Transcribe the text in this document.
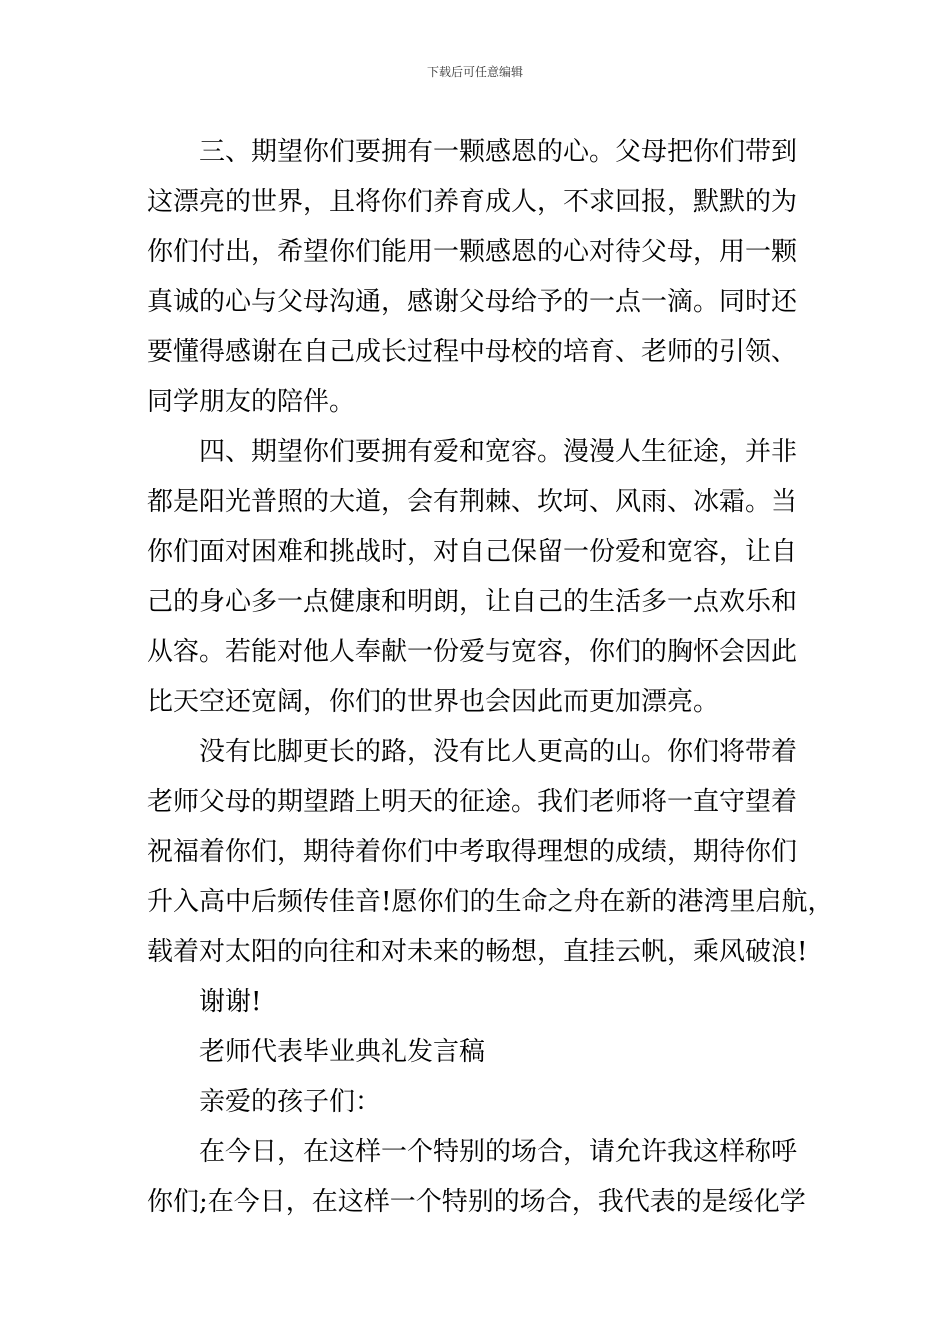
下载后可任意编辑
三、期望你们要拥有一颗感恩的心。父母把你们带到
这漂亮的世界，且将你们养育成人，不求回报，默默的为
你们付出，希望你们能用一颗感恩的心对待父母，用一颗
真诚的心与父母沟通，感谢父母给予的一点一滴。同时还
要懂得感谢在自己成长过程中母校的培育、老师的引领、
同学朋友的陪伴。
四、期望你们要拥有爱和宽容。漫漫人生征途，并非
都是阳光普照的大道，会有荆棘、坎坷、风雨、冰霜。当
你们面对困难和挑战时，对自己保留一份爱和宽容，让自
己的身心多一点健康和明朗，让自己的生活多一点欢乐和
从容。若能对他人奉献一份爱与宽容，你们的胸怀会因此
比天空还宽阔，你们的世界也会因此而更加漂亮。
没有比脚更长的路，没有比人更高的山。你们将带着
老师父母的期望踏上明天的征途。我们老师将一直守望着
祝福着你们，期待着你们中考取得理想的成绩，期待你们
升入高中后频传佳音!愿你们的生命之舟在新的港湾里启航，
载着对太阳的向往和对未来的畅想，直挂云帆，乘风破浪!
谢谢!
老师代表毕业典礼发言稿
亲爱的孩子们：
在今日，在这样一个特别的场合，请允许我这样称呼
你们;在今日，在这样一个特别的场合，我代表的是绥化学
